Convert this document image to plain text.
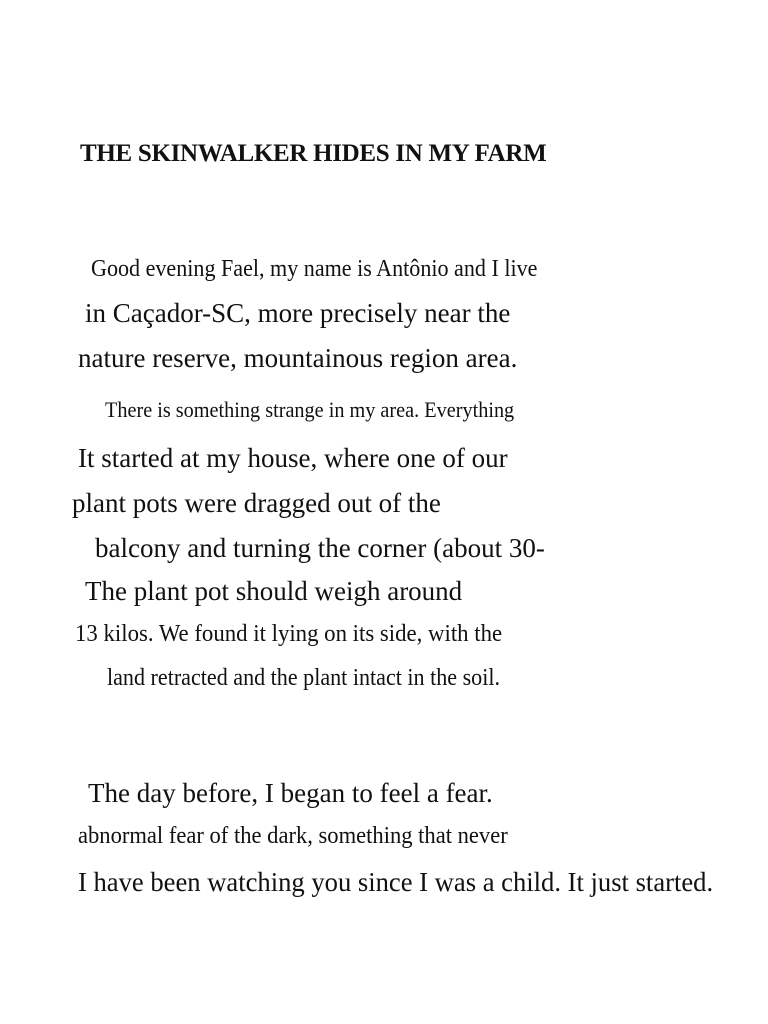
THE SKINWALKER HIDES IN MY FARM

Good evening Fael, my name is Antônio and I live

in Caçador-SC, more precisely near the

nature reserve, mountainous region area.

There is something strange in my area. Everything

It started at my house, where one of our

plant pots were dragged out of the

balcony and turning the corner (about 30-

The plant pot should weigh around

13 kilos. We found it lying on its side, with the

land retracted and the plant intact in the soil.

The day before, I began to feel a fear.

abnormal fear of the dark, something that never

I have been watching you since I was a child. It just started.
